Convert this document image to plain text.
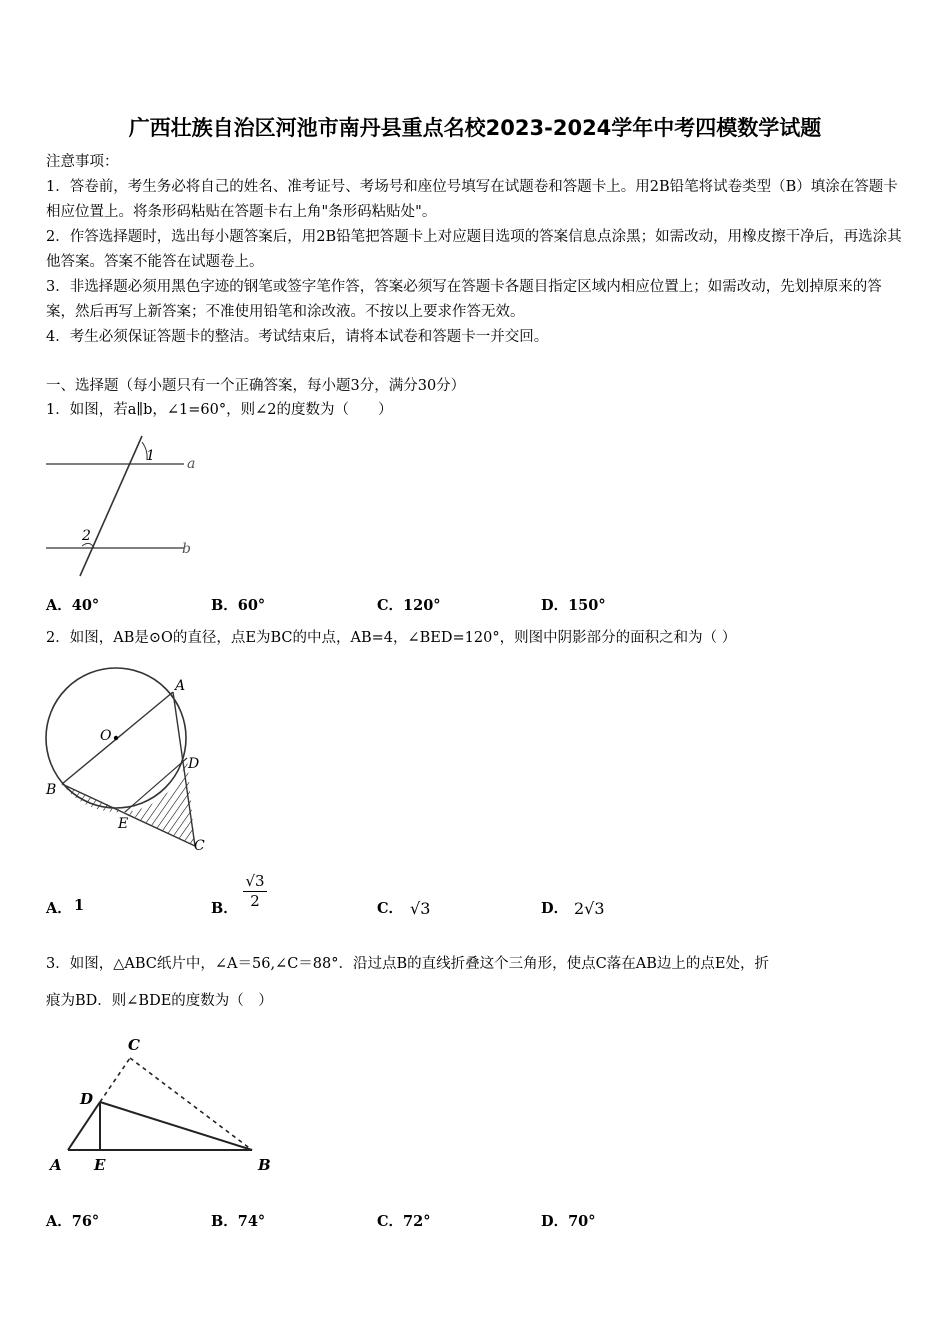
广西壮族自治区河池市南丹县重点名校2023-2024学年中考四模数学试题
注意事项：
1．答卷前，考生务必将自己的姓名、准考证号、考场号和座位号填写在试题卷和答题卡上。用2B铅笔将试卷类型（B）填涂在答题卡相应位置上。将条形码粘贴在答题卡右上角"条形码粘贴处"。
2．作答选择题时，选出每小题答案后，用2B铅笔把答题卡上对应题目选项的答案信息点涂黑；如需改动，用橡皮擦干净后，再选涂其他答案。答案不能答在试题卷上。
3．非选择题必须用黑色字迹的钢笔或签字笔作答，答案必须写在答题卡各题目指定区域内相应位置上；如需改动，先划掉原来的答案，然后再写上新答案；不准使用铅笔和涂改液。不按以上要求作答无效。
4．考生必须保证答题卡的整洁。考试结束后，请将本试卷和答题卡一并交回。
一、选择题（每小题只有一个正确答案，每小题3分，满分30分）
1．如图，若a∥b，∠1=60°，则∠2的度数为（　　）
1
2
a
b
A．40°	B．60°	C．120°	D．150°
2．如图，AB是⊙O的直径，点E为BC的中点，AB=4，∠BED=120°，则图中阴影部分的面积之和为（ ）
A
B
C
D
E
O
A． 1	B．
√3
2	C． √3	D． 2√3
3．如图，△ABC纸片中，∠A＝56,∠C＝88°．沿过点B的直线折叠这个三角形，使点C落在AB边上的点E处，折
痕为BD．则∠BDE的度数为（　）
C
D
A E	B
A．76°	B．74°	C．72°	D．70°
